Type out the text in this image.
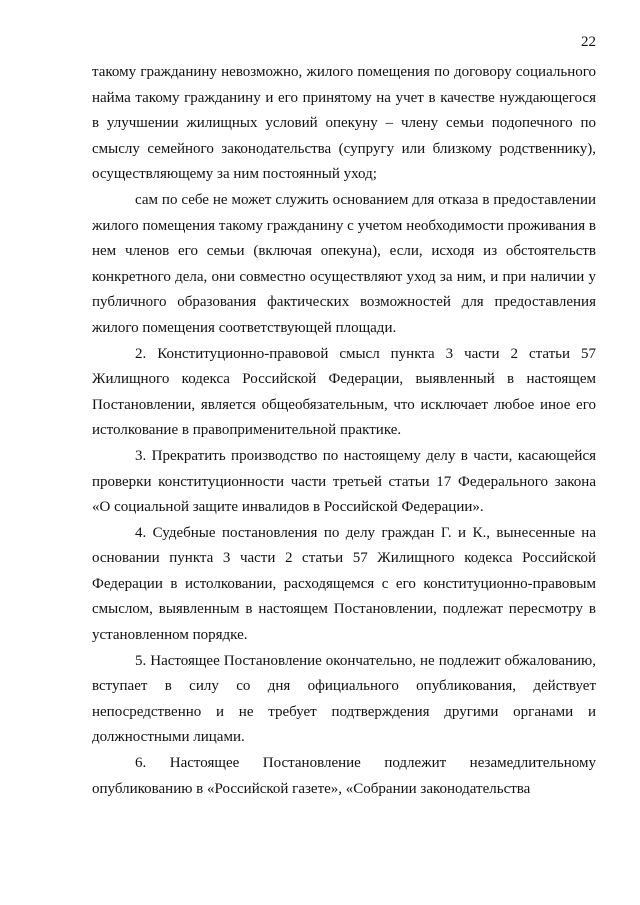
22

такому гражданину невозможно, жилого помещения по договору социального найма такому гражданину и его принятому на учет в качестве нуждающегося в улучшении жилищных условий опекуну – члену семьи подопечного по смыслу семейного законодательства (супругу или близкому родственнику), осуществляющему за ним постоянный уход;

сам по себе не может служить основанием для отказа в предоставлении жилого помещения такому гражданину с учетом необходимости проживания в нем членов его семьи (включая опекуна), если, исходя из обстоятельств конкретного дела, они совместно осуществляют уход за ним, и при наличии у публичного образования фактических возможностей для предоставления жилого помещения соответствующей площади.

2. Конституционно-правовой смысл пункта 3 части 2 статьи 57 Жилищного кодекса Российской Федерации, выявленный в настоящем Постановлении, является общеобязательным, что исключает любое иное его истолкование в правоприменительной практике.

3. Прекратить производство по настоящему делу в части, касающейся проверки конституционности части третьей статьи 17 Федерального закона «О социальной защите инвалидов в Российской Федерации».

4. Судебные постановления по делу граждан Г. и К., вынесенные на основании пункта 3 части 2 статьи 57 Жилищного кодекса Российской Федерации в истолковании, расходящемся с его конституционно-правовым смыслом, выявленным в настоящем Постановлении, подлежат пересмотру в установленном порядке.

5. Настоящее Постановление окончательно, не подлежит обжалованию, вступает в силу со дня официального опубликования, действует непосредственно и не требует подтверждения другими органами и должностными лицами.

6. Настоящее Постановление подлежит незамедлительному опубликованию в «Российской газете», «Собрании законодательства
